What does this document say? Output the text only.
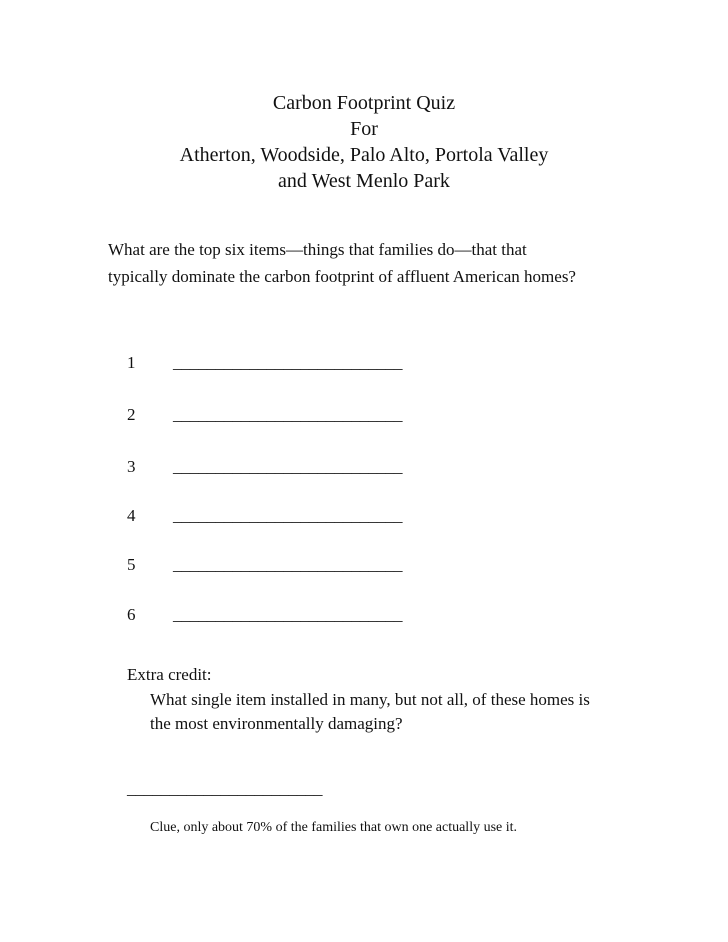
Carbon Footprint Quiz
For
Atherton, Woodside, Palo Alto, Portola Valley
and West Menlo Park
What are the top six items—things that families do—that that typically dominate the carbon footprint of affluent American homes?
1 ___________________________
2 ___________________________
3 ___________________________
4 ___________________________
5 ___________________________
6 ___________________________
Extra credit:
What single item installed in many, but not all, of these homes is the most environmentally damaging?
_______________________
Clue, only about 70% of the families that own one actually use it.
